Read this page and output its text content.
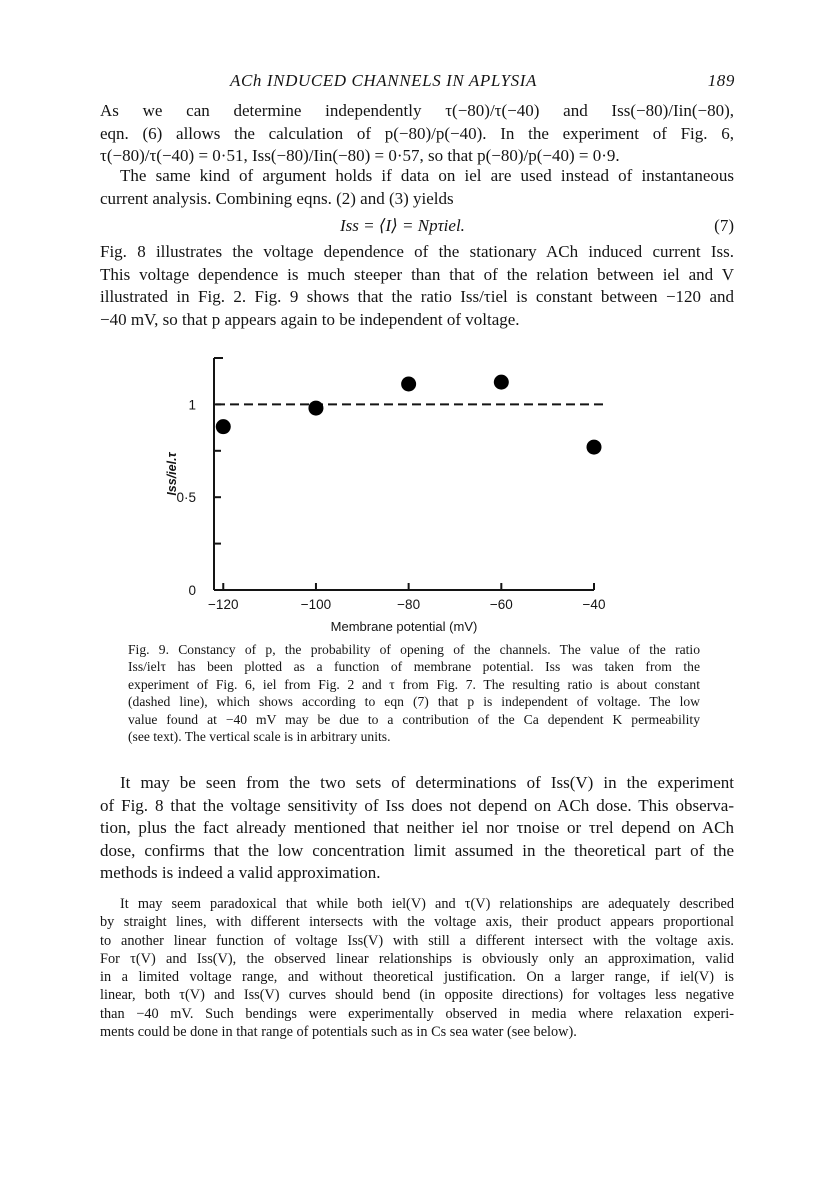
ACh INDUCED CHANNELS IN APLYSIA	189

As we can determine independently τ(−80)/τ(−40) and Iss(−80)/Iin(−80),
eqn. (6) allows the calculation of p(−80)/p(−40). In the experiment of Fig. 6,
τ(−80)/τ(−40) = 0·51, Iss(−80)/Iin(−80) = 0·57, so that p(−80)/p(−40) = 0·9.

The same kind of argument holds if data on iel are used instead of instantaneous
current analysis. Combining eqns. (2) and (3) yields

Iss = ⟨I⟩ = Npτiel.	(7)

Fig. 8 illustrates the voltage dependence of the stationary ACh induced current Iss.
This voltage dependence is much steeper than that of the relation between iel and V
illustrated in Fig. 2. Fig. 9 shows that the ratio Iss/τiel is constant between −120 and
−40 mV, so that p appears again to be independent of voltage.

−120	−100	−80	−60	−40
0
0·5
1
Membrane potential (mV)
Iss/iel.τ

Fig. 9. Constancy of p, the probability of opening of the channels. The value of the ratio
Iss/ielτ has been plotted as a function of membrane potential. Iss was taken from the
experiment of Fig. 6, iel from Fig. 2 and τ from Fig. 7. The resulting ratio is about constant
(dashed line), which shows according to eqn (7) that p is independent of voltage. The low
value found at −40 mV may be due to a contribution of the Ca dependent K permeability
(see text). The vertical scale is in arbitrary units.

It may be seen from the two sets of determinations of Iss(V) in the experiment
of Fig. 8 that the voltage sensitivity of Iss does not depend on ACh dose. This observa-
tion, plus the fact already mentioned that neither iel nor τnoise or τrel depend on ACh
dose, confirms that the low concentration limit assumed in the theoretical part of the
methods is indeed a valid approximation.

It may seem paradoxical that while both iel(V) and τ(V) relationships are adequately described
by straight lines, with different intersects with the voltage axis, their product appears proportional
to another linear function of voltage Iss(V) with still a different intersect with the voltage axis.
For τ(V) and Iss(V), the observed linear relationships is obviously only an approximation, valid
in a limited voltage range, and without theoretical justification. On a larger range, if iel(V) is
linear, both τ(V) and Iss(V) curves should bend (in opposite directions) for voltages less negative
than −40 mV. Such bendings were experimentally observed in media where relaxation experi-
ments could be done in that range of potentials such as in Cs sea water (see below).
